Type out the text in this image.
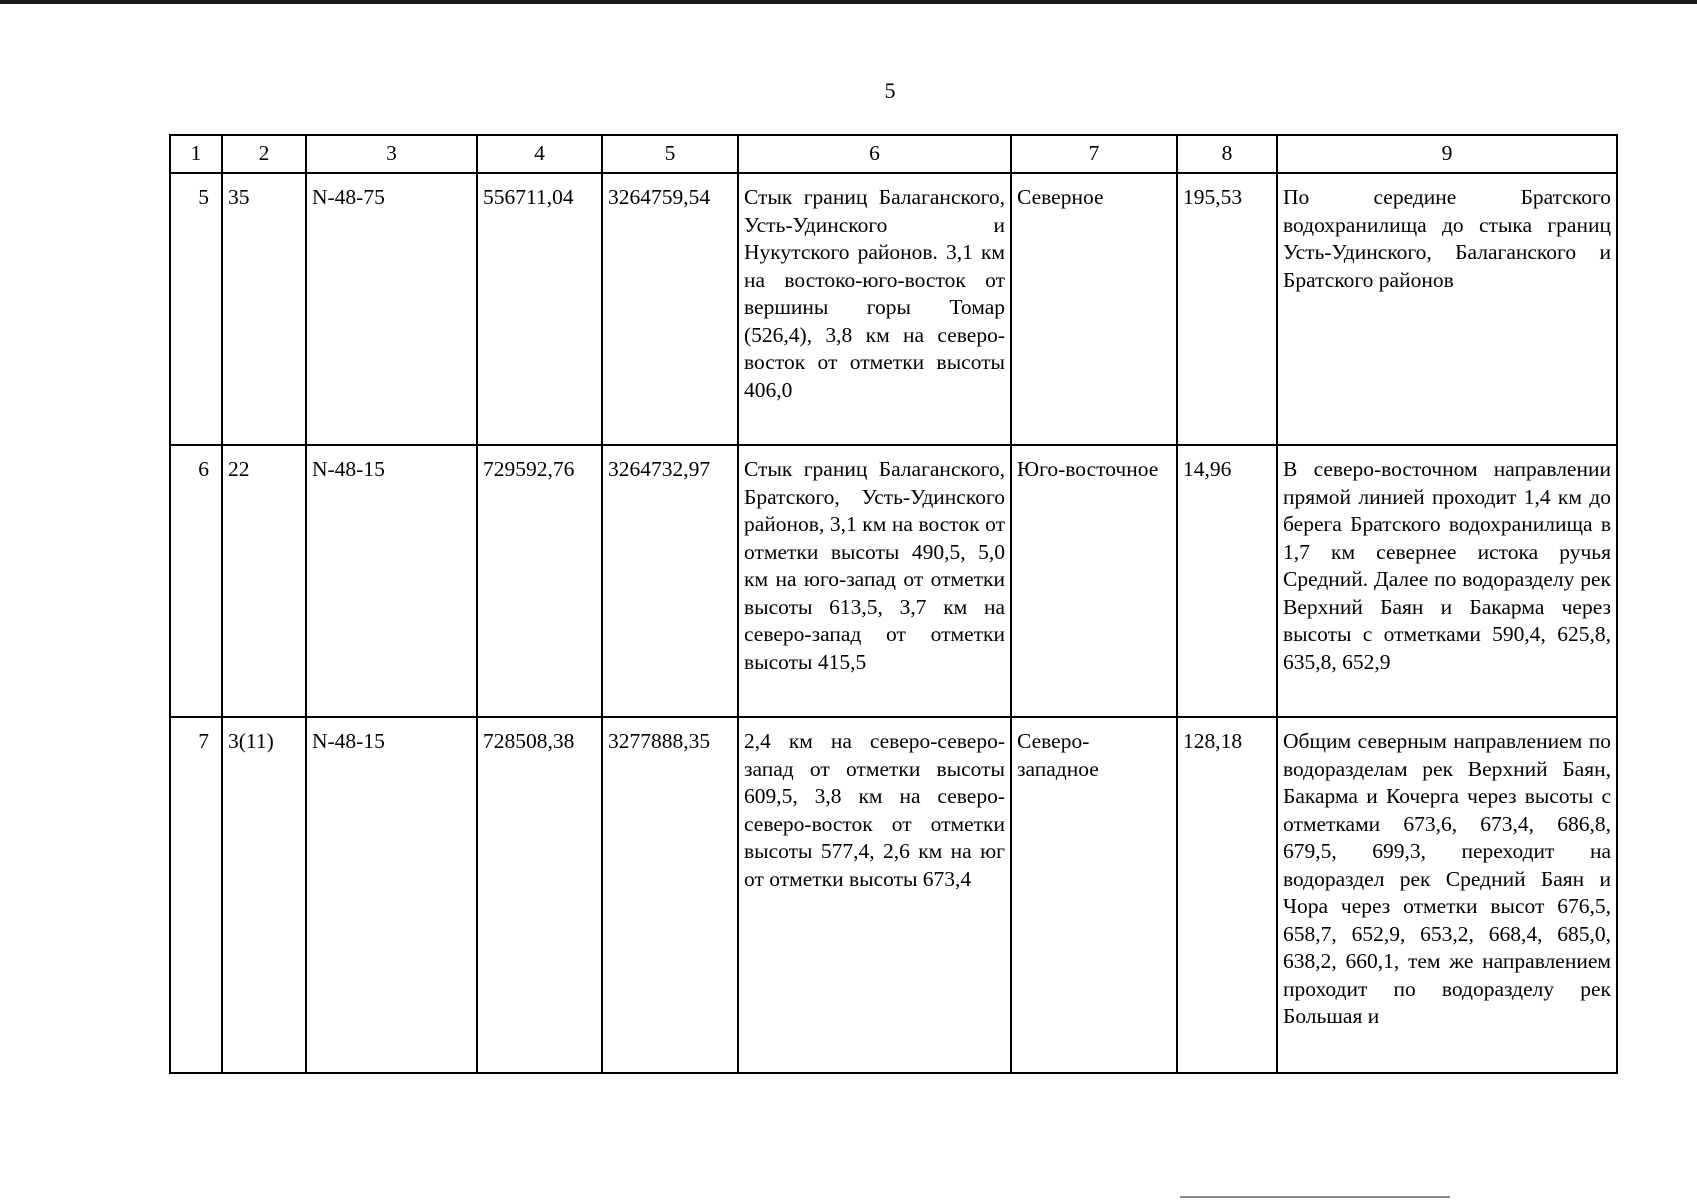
5
1	2	3	4	5	6	7	8	9
5	35	N-48-75	556711,04	3264759,54	Стык границ Балаганского, Усть-Удинского и Нукутского районов. 3,1 км на востоко-юго-восток от вершины горы Томар (526,4), 3,8 км на северо-восток от отметки высоты 406,0	Северное	195,53	По середине Братского водохранилища до стыка границ Усть-Удинского, Балаганского и Братского районов
6	22	N-48-15	729592,76	3264732,97	Стык границ Балаганского, Братского, Усть-Удинского районов, 3,1 км на восток от отметки высоты 490,5, 5,0 км на юго-запад от отметки высоты 613,5, 3,7 км на северо-запад от отметки высоты 415,5	Юго-восточное	14,96	В северо-восточном направлении прямой линией проходит 1,4 км до берега Братского водохранилища в 1,7 км севернее истока ручья Средний. Далее по водоразделу рек Верхний Баян и Бакарма через высоты с отметками 590,4, 625,8, 635,8, 652,9
7	3(11)	N-48-15	728508,38	3277888,35	2,4 км на северо-северо-запад от отметки высоты 609,5, 3,8 км на северо-северо-восток от отметки высоты 577,4, 2,6 км на юг от отметки высоты 673,4	Северо-западное	128,18	Общим северным направлением по водоразделам рек Верхний Баян, Бакарма и Кочерга через высоты с отметками 673,6, 673,4, 686,8, 679,5, 699,3, переходит на водораздел рек Средний Баян и Чора через отметки высот 676,5, 658,7, 652,9, 653,2, 668,4, 685,0, 638,2, 660,1, тем же направлением проходит по водоразделу рек Большая и
